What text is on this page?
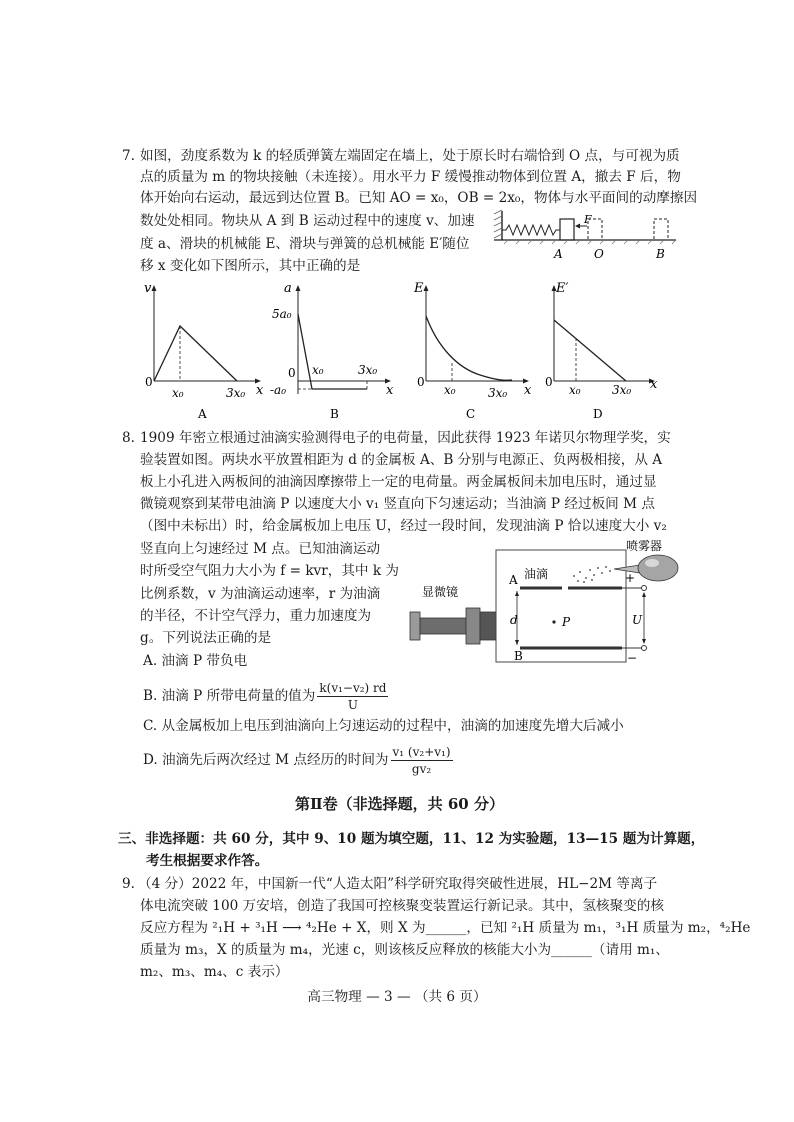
7. 如图，劲度系数为 k 的轻质弹簧左端固定在墙上，处于原长时右端恰到 O 点，与可视为质
点的质量为 m 的物块接触（未连接）。用水平力 F 缓慢推动物体到位置 A，撤去 F 后，物
体开始向右运动，最远到达位置 B。已知 AO = x₀，OB = 2x₀，物体与水平面间的动摩擦因
数处处相同。物块从 A 到 B 运动过程中的速度 v、加速
度 a、滑块的机械能 E、滑块与弹簧的总机械能 E′随位
移 x 变化如下图所示，其中正确的是
F
A	O	B
v
x
0
x₀	3x₀
A
a
x
0
5a₀
-a₀
x₀	3x₀
B
E
x
0
x₀	3x₀
C
E′
x
0
x₀	3x₀
D
8. 1909 年密立根通过油滴实验测得电子的电荷量，因此获得 1923 年诺贝尔物理学奖，实
验装置如图。两块水平放置相距为 d 的金属板 A、B 分别与电源正、负两极相接，从 A
板上小孔进入两板间的油滴因摩擦带上一定的电荷量。两金属板间未加电压时，通过显
微镜观察到某带电油滴 P 以速度大小 v₁ 竖直向下匀速运动；当油滴 P 经过板间 M 点
（图中未标出）时，给金属板加上电压 U，经过一段时间，发现油滴 P 恰以速度大小 v₂
竖直向上匀速经过 M 点。已知油滴运动
时所受空气阻力大小为 f = kvr，其中 k 为
比例系数，v 为油滴运动速率，r 为油滴
的半径，不计空气浮力，重力加速度为
g。下列说法正确的是
A. 油滴 P 带负电
B. 油滴 P 所带电荷量的值为 $\frac{\text{k(v₁−v₂) rd}}{U}$
C. 从金属板加上电压到油滴向上匀速运动的过程中，油滴的加速度先增大后减小
D. 油滴先后两次经过 M 点经历的时间为 $\frac{\text{v₁ (v₂+v₁)}}{\text{gv₂}}$
显微镜
A
B
d	P
油滴
喷雾器
+
−
U
第Ⅱ卷（非选择题，共 60 分）
三、非选择题：共 60 分，其中 9、10 题为填空题，11、12 为实验题，13—15 题为计算题，
考生根据要求作答。
9. （4 分）2022 年，中国新一代“人造太阳”科学研究取得突破性进展，HL−2M 等离子
体电流突破 100 万安培，创造了我国可控核聚变装置运行新记录。其中，氢核聚变的核
反应方程为 ²₁H + ³₁H ⟶ ⁴₂He + X，则 X 为______，已知 ²₁H 质量为 m₁，³₁H 质量为 m₂，⁴₂He
质量为 m₃，X 的质量为 m₄，光速 c，则该核反应释放的核能大小为______（请用 m₁、
m₂、m₃、m₄、c 表示）
高三物理 — 3 — （共 6 页）
